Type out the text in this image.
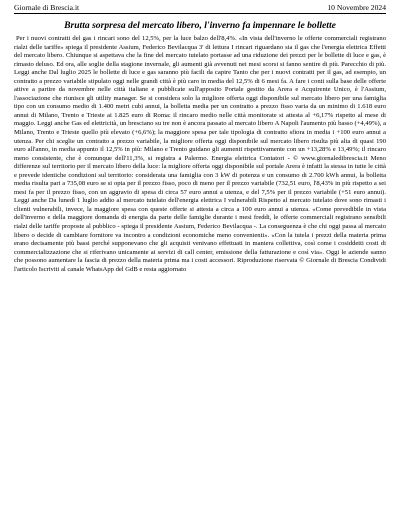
Giornale di Brescia.it	10 Novembre 2024
Brutta sorpresa del mercato libero, l'inverno fa impennare le bollette

Per i nuovi contratti del gas i rincari sono del 12,5%, per la luce balzo dell'8,4%. «In vista dell'inverno le offerte commerciali registrano rialzi delle tariffe» spiega il presidente Assium, Federico Bevilacqua 3' di lettura I rincari riguardano sia il gas che l'energia elettrica Effetti del mercato libero. Chiunque si aspettava che la fine del mercato tutelato portasse ad una riduzione dei prezzi per le bollette di luce e gas, è rimasto deluso. Ed ora, alle soglie della stagione invernale, gli aumenti già avvenuti nei mesi scorsi si fanno sentire di più. Parecchio di più. Leggi anche Dal luglio 2025 le bollette di luce e gas saranno più facili da capire Tanto che per i nuovi contratti per il gas, ad esempio, un contratto a prezzo variabile stipulato oggi nelle grandi città è più caro in media del 12,5% di 6 mesi fa. A fare i conti sulla base delle offerte attive a partire da novembre nelle città italiane e pubblicate sull'apposito Portale gestito da Arera e Acquirente Unico, è l'Assium, l'associazione che riunisce gli utility manager. Se si considera solo la migliore offerta oggi disponibile sul mercato libero per una famiglia tipo con un consumo medio di 1.400 metri cubi annui, la bolletta media per un contratto a prezzo fisso varia da un minimo di 1.618 euro annui di Milano, Trento e Trieste ai 1.825 euro di Roma: il rincaro medio nelle città monitorate si attesta al +6,17% rispetto al mese di maggio. Leggi anche Gas ed elettricità, un bresciano su tre non è ancora passato al mercato libero A Napoli l'aumento più basso (+4,49%), a Milano, Trento e Trieste quello più elevato (+6,6%); la maggiore spesa per tale tipologia di contratto sfiora in media i +100 euro annui a utenza. Per chi sceglie un contratto a prezzo variabile, la migliore offerta oggi disponibile sul mercato libero risulta più alta di quasi 190 euro all'anno, in media appunto il 12,5% in più: Milano e Trento guidano gli aumenti rispettivamente con un +13,28% e 13,49%; il rincaro meno consistente, che è comunque dell'11,3%, si registra a Palermo. Energia elettrica Contatori - © www.giornaledibrescia.it Meno differenze sul territorio per il mercato libero della luce: la migliore offerta oggi disponibile sul portale Arera è infatti la stessa in tutte le città e prevede identiche condizioni sul territorio: considerata una famiglia con 3 kW di potenza e un consumo di 2.700 kWh annui, la bolletta media risulta pari a 735,08 euro se si opta per il prezzo fisso, poco di meno per il prezzo variabile (732,51 euro, l'8,43% in più rispetto a sei mesi fa per il prezzo fisso, con un aggravio di spesa di circa 57 euro annui a utenza, e del 7,5% per il prezzo variabile (+51 euro annui). Leggi anche Da lunedì 1 luglio addio al mercato tutelato dell'energia elettrica I vulnerabili Rispetto al mercato tutelato dove sono rimasti i clienti vulnerabili, invece, la maggiore spesa con queste offerte si attesta a circa a 100 euro annui a utenza. «Come prevedibile in vista dell'inverno e della maggiore domanda di energia da parte delle famiglie durante i mesi freddi, le offerte commerciali registrano sensibili rialzi delle tariffe proposte al pubblico - spiega il presidente Assium, Federico Bevilacqua -. La conseguenza è che chi oggi passa al mercato libero o decide di cambiare fornitore va incontro a condizioni economiche meno convenienti». «Con la tutela i prezzi della materia prima erano decisamente più bassi perché supponevano che gli acquisti venivano effettuati in maniera collettiva, così come i cosiddetti costi di commercializzazione che si riferivano unicamente ai servizi di call center, emissione della fatturazione e così via». Oggi le aziende sanno che possono aumentare la fascia di prezzo della materia prima ma i costi accessori. Riproduzione riservata © Giornale di Brescia Condividi l'articolo Iscriviti al canale WhatsApp del GdB e resta aggiornato
